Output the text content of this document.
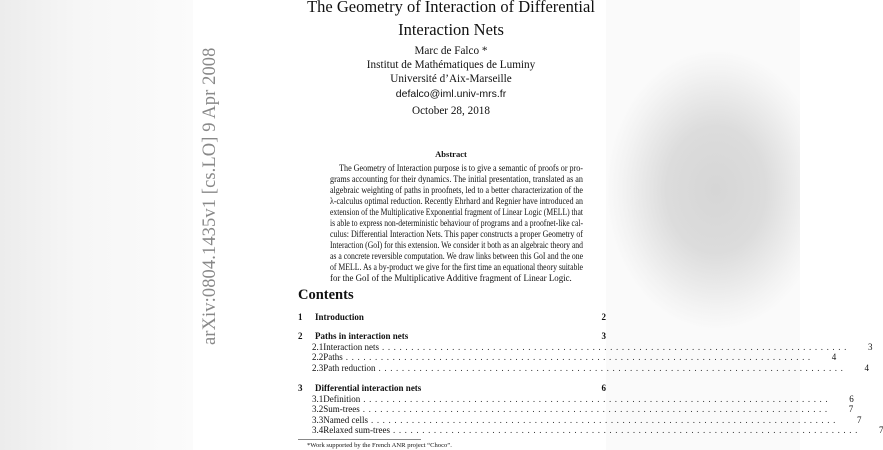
arXiv:0804.1435v1 [cs.LO] 9 Apr 2008
The Geometry of Interaction of Differential
Interaction Nets
Marc de Falco *
Institut de Mathématiques de Luminy
Université d’Aix-Marseille
defalco@iml.univ-mrs.fr
October 28, 2018
Abstract
The Geometry of Interaction purpose is to give a semantic of proofs or pro-
grams accounting for their dynamics. The initial presentation, translated as an
algebraic weighting of paths in proofnets, led to a better characterization of the
λ-calculus optimal reduction. Recently Ehrhard and Regnier have introduced an
extension of the Multiplicative Exponential fragment of Linear Logic (MELL) that
is able to express non-deterministic behaviour of programs and a proofnet-like cal-
culus: Differential Interaction Nets. This paper constructs a proper Geometry of
Interaction (GoI) for this extension. We consider it both as an algebraic theory and
as a concrete reversible computation. We draw links between this GoI and the one
of MELL. As a by-product we give for the first time an equational theory suitable
for the GoI of the Multiplicative Additive fragment of Linear Logic.
Contents
1	Introduction	2
2	Paths in interaction nets	3
2.1 Interaction nets ................................................................................ 3
2.2 Paths ................................................................................ 4
2.3 Path reduction ................................................................................ 4
3	Differential interaction nets	6
3.1 Definition ................................................................................ 6
3.2 Sum-trees ................................................................................ 7
3.3 Named cells ................................................................................ 7
3.4 Relaxed sum-trees ................................................................................ 7
*Work supported by the French ANR project “Choco”.
